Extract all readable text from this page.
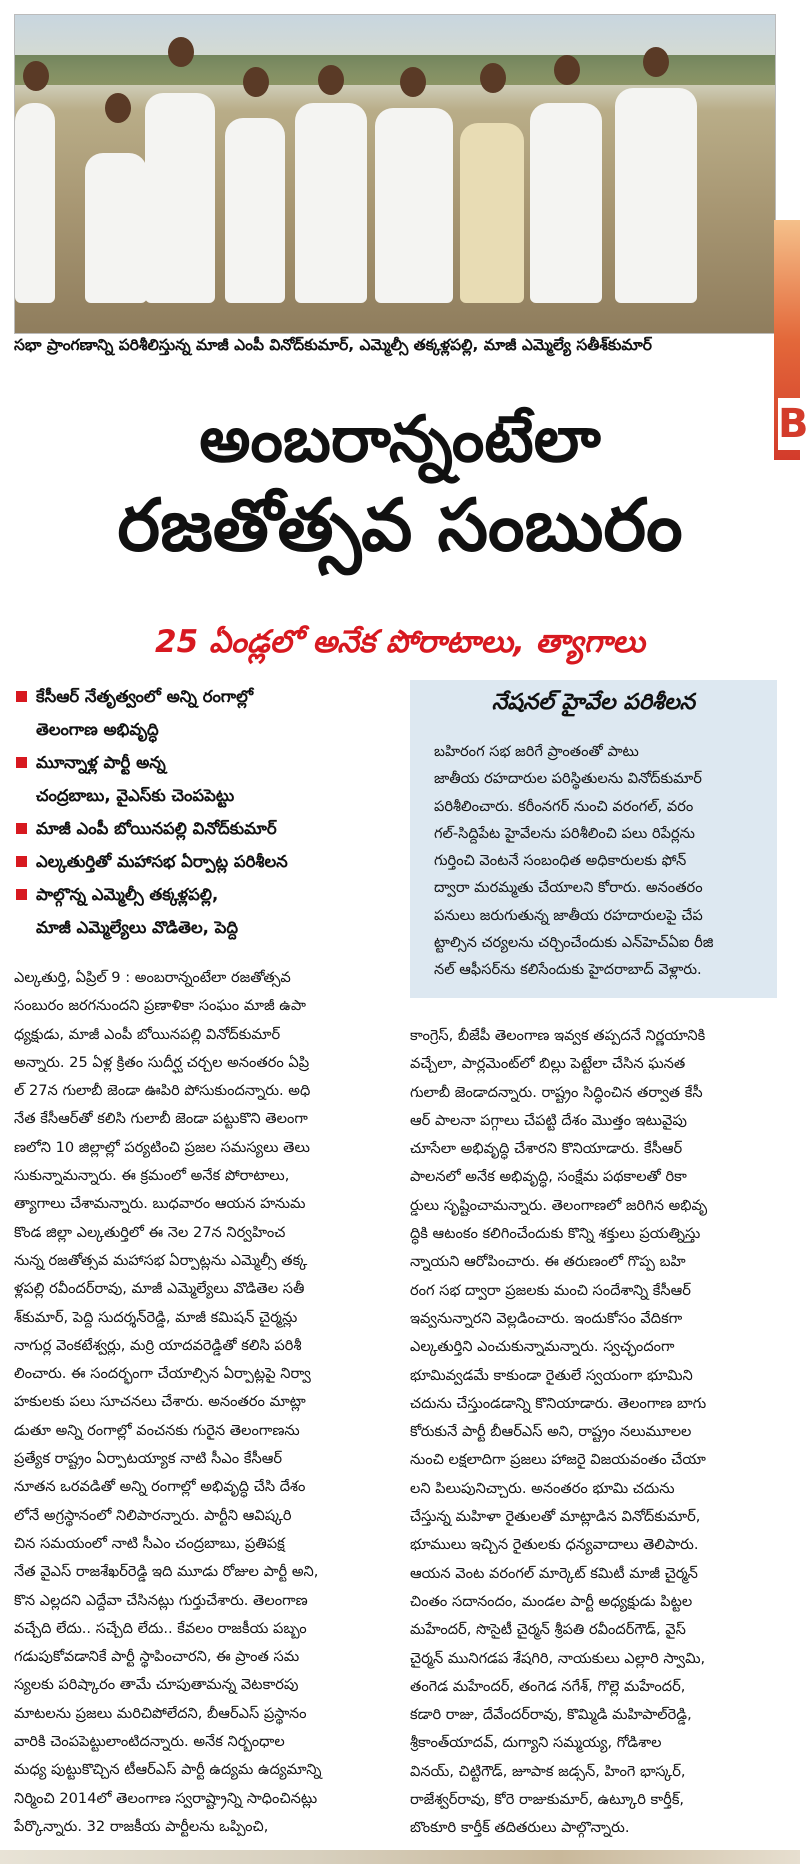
B
సభా ప్రాంగణాన్ని పరిశీలిస్తున్న మాజీ ఎంపీ వినోద్‌కుమార్, ఎమ్మెల్సీ తక్కళ్లపల్లి, మాజీ ఎమ్మెల్యే సతీశ్‌కుమార్
అంబరాన్నంటేలా
రజతోత్సవ సంబురం
25 ఏండ్లలో అనేక పోరాటాలు, త్యాగాలు
కేసీఆర్ నేతృత్వంలో అన్ని రంగాల్లో
తెలంగాణ అభివృద్ధి
మూన్నాళ్ల పార్టీ అన్న
చంద్రబాబు, వైఎస్‌కు చెంపపెట్టు
మాజీ ఎంపీ బోయినపల్లి వినోద్‌కుమార్
ఎల్కతుర్తితో మహాసభ ఏర్పాట్ల పరిశీలన
పాల్గొన్న ఎమ్మెల్సీ తక్కళ్లపల్లి,
మాజీ ఎమ్మెల్యేలు వొడితెల, పెద్ది
నేషనల్ హైవేల పరిశీలన
బహిరంగ సభ జరిగే ప్రాంతంతో పాటు
జాతీయ రహదారుల పరిస్థితులను వినోద్‌కుమార్
పరిశీలించారు. కరీంనగర్ నుంచి వరంగల్, వరం
గల్-సిద్దిపేట హైవేలను పరిశీలించి పలు రిపేర్లను
గుర్తించి వెంటనే సంబంధిత అధికారులకు ఫోన్
ద్వారా మరమ్మతు చేయాలని కోరారు. అనంతరం
పనులు జరుగుతున్న జాతీయ రహదారులపై చేప
ట్టాల్సిన చర్యలను చర్చించేందుకు ఎన్‌హెచ్ఏఐ రీజి
నల్ ఆఫీసర్‌ను కలిసేందుకు హైదరాబాద్ వెళ్లారు.
ఎల్కతుర్తి, ఏప్రిల్ 9 : అంబరాన్నంటేలా రజతోత్సవ
సంబురం జరగనుందని ప్రణాళికా సంఘం మాజీ ఉపా
ధ్యక్షుడు, మాజీ ఎంపీ బోయినపల్లి వినోద్‌కుమార్
అన్నారు. 25 ఏళ్ల క్రితం సుదీర్ఘ చర్చల అనంతరం ఏప్రి
ల్ 27న గులాబీ జెండా ఊపిరి పోసుకుందన్నారు. అధి
నేత కేసీఆర్‌తో కలిసి గులాబీ జెండా పట్టుకొని తెలంగా
ణలోని 10 జిల్లాల్లో పర్యటించి ప్రజల సమస్యలు తెలు
సుకున్నామన్నారు. ఈ క్రమంలో అనేక పోరాటాలు,
త్యాగాలు చేశామన్నారు. బుధవారం ఆయన హనుమ
కొండ జిల్లా ఎల్కతుర్తిలో ఈ నెల 27న నిర్వహించ
నున్న రజతోత్సవ మహాసభ ఏర్పాట్లను ఎమ్మెల్సీ తక్క
ళ్లపల్లి రవీందర్‌రావు, మాజీ ఎమ్మెల్యేలు వొడితెల సతీ
శ్‌కుమార్, పెద్ది సుదర్శన్‌రెడ్డి, మాజీ కమిషన్ చైర్మన్లు
నాగుర్ల వెంకటేశ్వర్లు, మర్రి యాదవరెడ్డితో కలిసి పరిశీ
లించారు. ఈ సందర్భంగా చేయాల్సిన ఏర్పాట్లపై నిర్వా
హకులకు పలు సూచనలు చేశారు. అనంతరం మాట్లా
డుతూ అన్ని రంగాల్లో వంచనకు గురైన తెలంగాణను
ప్రత్యేక రాష్ట్రం ఏర్పాటయ్యాక నాటి సీఎం కేసీఆర్
నూతన ఒరవడితో అన్ని రంగాల్లో అభివృద్ధి చేసి దేశం
లోనే అగ్రస్థానంలో నిలిపారన్నారు. పార్టీని ఆవిష్కరి
చిన సమయంలో నాటి సీఎం చంద్రబాబు, ప్రతిపక్ష
నేత వైఎస్ రాజశేఖర్‌రెడ్డి ఇది మూడు రోజుల పార్టీ అని,
కొన ఎల్లదని ఎద్దేవా చేసినట్లు గుర్తుచేశారు. తెలంగాణ
వచ్చేది లేదు.. సచ్చేది లేదు.. కేవలం రాజకీయ పబ్బం
గడుపుకోవడానికే పార్టీ స్థాపించారని, ఈ ప్రాంత సమ
స్యలకు పరిష్కారం తామే చూపుతామన్న వెటకారపు
మాటలను ప్రజలు మరిచిపోలేదని, బీఆర్‌ఎస్ ప్రస్థానం
వారికి చెంపపెట్టులాంటిదన్నారు. అనేక నిర్బంధాల
మధ్య పుట్టుకొచ్చిన టీఆర్‌ఎస్ పార్టీ ఉద్యమ ఉద్యమాన్ని
నిర్మించి 2014లో తెలంగాణ స్వరాష్ట్రాన్ని సాధించినట్లు
పేర్కొన్నారు. 32 రాజకీయ పార్టీలను ఒప్పించి,
కాంగ్రెస్, బీజేపీ తెలంగాణ ఇవ్వక తప్పదనే నిర్ణయానికి
వచ్చేలా, పార్లమెంట్‌లో బిల్లు పెట్టేలా చేసిన ఘనత
గులాబీ జెండాదన్నారు. రాష్ట్రం సిద్ధించిన తర్వాత కేసీ
ఆర్ పాలనా పగ్గాలు చేపట్టి దేశం మొత్తం ఇటువైపు
చూసేలా అభివృద్ధి చేశారని కొనియాడారు. కేసీఆర్
పాలనలో అనేక అభివృద్ధి, సంక్షేమ పథకాలతో రికా
ర్డులు సృష్టించామన్నారు. తెలంగాణలో జరిగిన అభివృ
ద్ధికి ఆటంకం కలిగించేందుకు కొన్ని శక్తులు ప్రయత్నిస్తు
న్నాయని ఆరోపించారు. ఈ తరుణంలో గొప్ప బహి
రంగ సభ ద్వారా ప్రజలకు మంచి సందేశాన్ని కేసీఆర్
ఇవ్వనున్నారని వెల్లడించారు. ఇందుకోసం వేదికగా
ఎల్కతుర్తిని ఎంచుకున్నామన్నారు. స్వచ్ఛందంగా
భూమివ్వడమే కాకుండా రైతులే స్వయంగా భూమిని
చదును చేస్తుండడాన్ని కొనియాడారు. తెలంగాణ బాగు
కోరుకునే పార్టీ బీఆర్‌ఎస్ అని, రాష్ట్రం నలుమూలల
నుంచి లక్షలాదిగా ప్రజలు హాజరై విజయవంతం చేయా
లని పిలుపునిచ్చారు. అనంతరం భూమి చదును
చేస్తున్న మహిళా రైతులతో మాట్లాడిన వినోద్‌కుమార్,
భూములు ఇచ్చిన రైతులకు ధన్యవాదాలు తెలిపారు.
ఆయన వెంట వరంగల్ మార్కెట్ కమిటీ మాజీ చైర్మన్
చింతం సదానందం, మండల పార్టీ అధ్యక్షుడు పిట్టల
మహేందర్, సొసైటీ చైర్మన్ శ్రీపతి రవీందర్‌గౌడ్, వైస్
చైర్మన్ మునిగడప శేషగిరి, నాయకులు ఎల్లారి స్వామి,
తంగెడ మహేందర్, తంగెడ నగేశ్, గొల్లె మహేందర్,
కడారి రాజు, దేవేందర్‌రావు, కొమ్మిడి మహిపాల్‌రెడ్డి,
శ్రీకాంత్‌యాదవ్, దుగ్యాని సమ్మయ్య, గోడిశాల
వినయ్, చిట్టిగౌడ్, జూపాక జడ్సన్, హింగె భాస్కర్,
రాజేశ్వర్‌రావు, కోరె రాజుకుమార్, ఉట్కూరి కార్తీక్,
బొంకూరి కార్తీక్ తదితరులు పాల్గొన్నారు.
